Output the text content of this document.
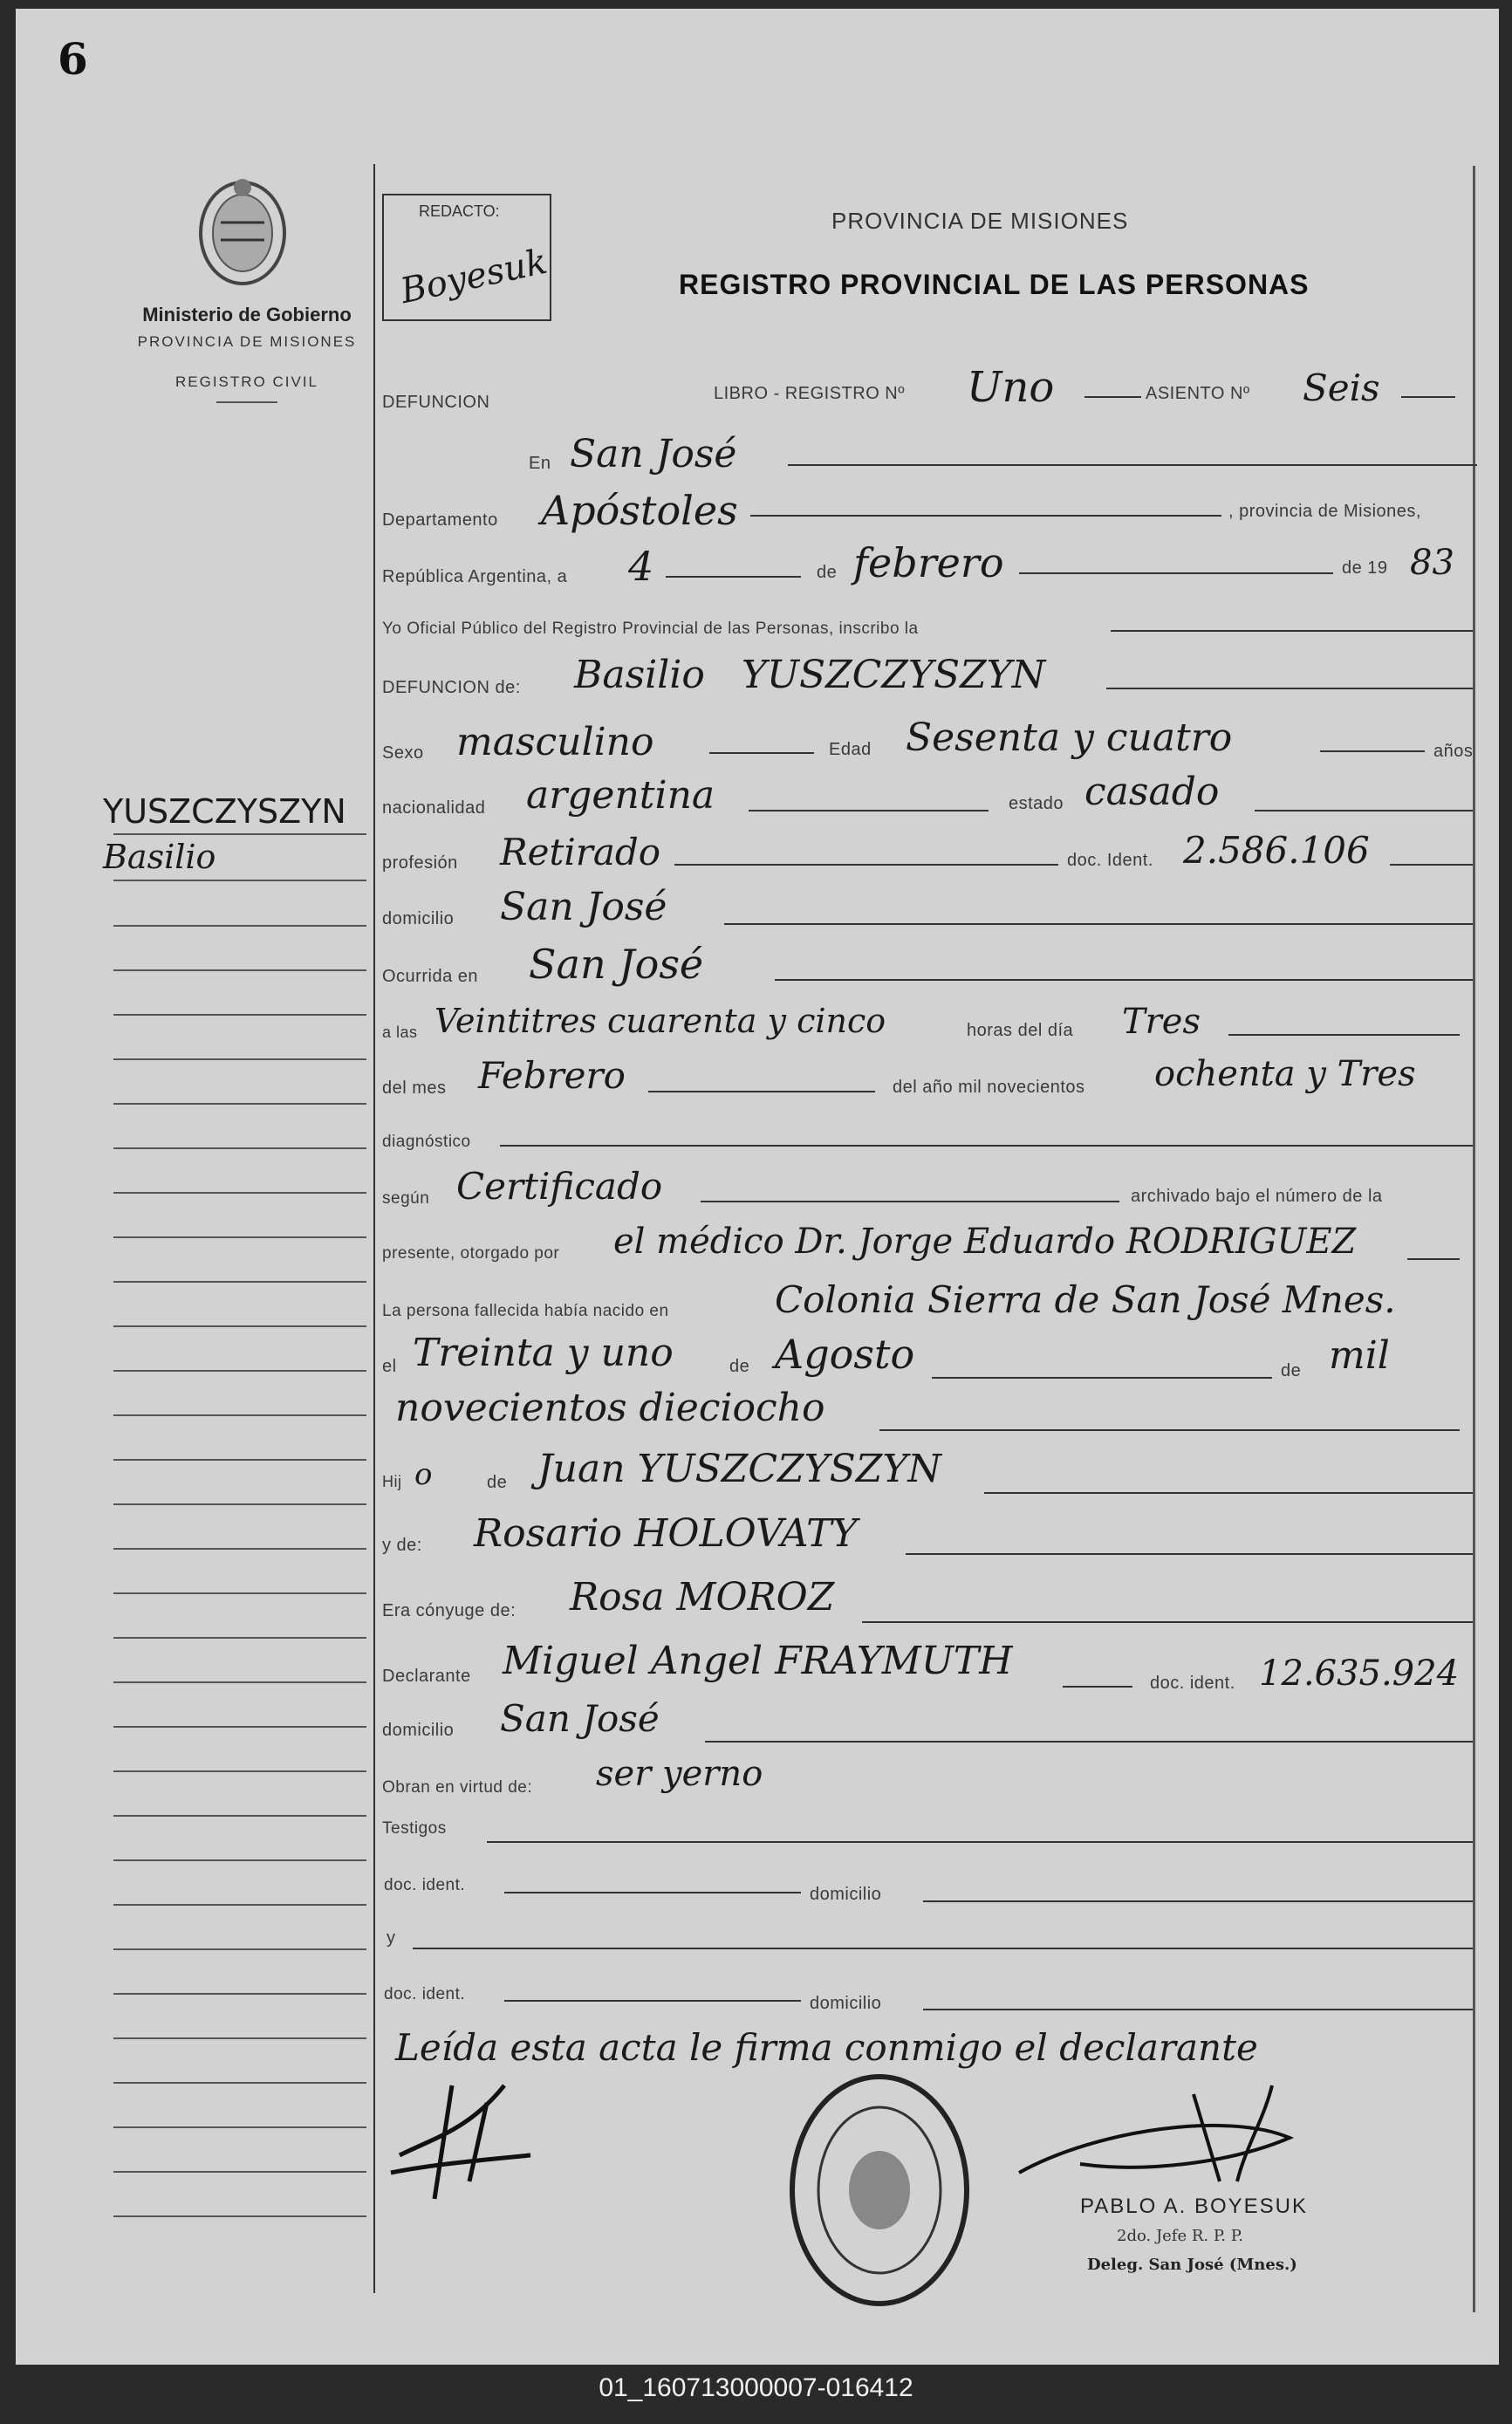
6
Ministerio de Gobierno
PROVINCIA DE MISIONES
REGISTRO CIVIL
REDACTO:
Boyesuk
PROVINCIA DE MISIONES
REGISTRO PROVINCIAL DE LAS PERSONAS
YUSZCZYSZYN
Basilio
DEFUNCION	LIBRO - REGISTRO Nº Uno	ASIENTO Nº Seis
En San José
Departamento Apóstoles	, provincia de Misiones,
República Argentina, a 4	de febrero	de 19 83
Yo Oficial Público del Registro Provincial de las Personas, inscribo la
DEFUNCION de: Basilio   YUSZCZYSZYN
Sexo masculino	Edad Sesenta y cuatro	años
nacionalidad argentina	estado casado
profesión Retirado	doc. Ident. 2.586.106
domicilio San José
Ocurrida en San José
a las Veintitres cuarenta y cinco	horas del día Tres
del mes Febrero	del año mil novecientos ochenta y Tres
diagnóstico
según Certificado	archivado bajo el número de la
presente, otorgado por el médico Dr. Jorge Eduardo RODRIGUEZ
La persona fallecida había nacido en	Colonia Sierra de San José Mnes.
el Treinta y uno	de Agosto	de mil
novecientos dieciocho
Hij o	de Juan YUSZCZYSZYN
y de: Rosario HOLOVATY
Era cónyuge de: Rosa MOROZ
Declarante Miguel Angel FRAYMUTH	doc. ident. 12.635.924
domicilio San José
Obran en virtud de: ser yerno
Testigos
doc. ident.	domicilio
y
doc. ident.	domicilio
Leída esta acta le firma conmigo el declarante
PABLO A. BOYESUK
2do. Jefe R. P. P.
Deleg. San José (Mnes.)
01_160713000007-016412
